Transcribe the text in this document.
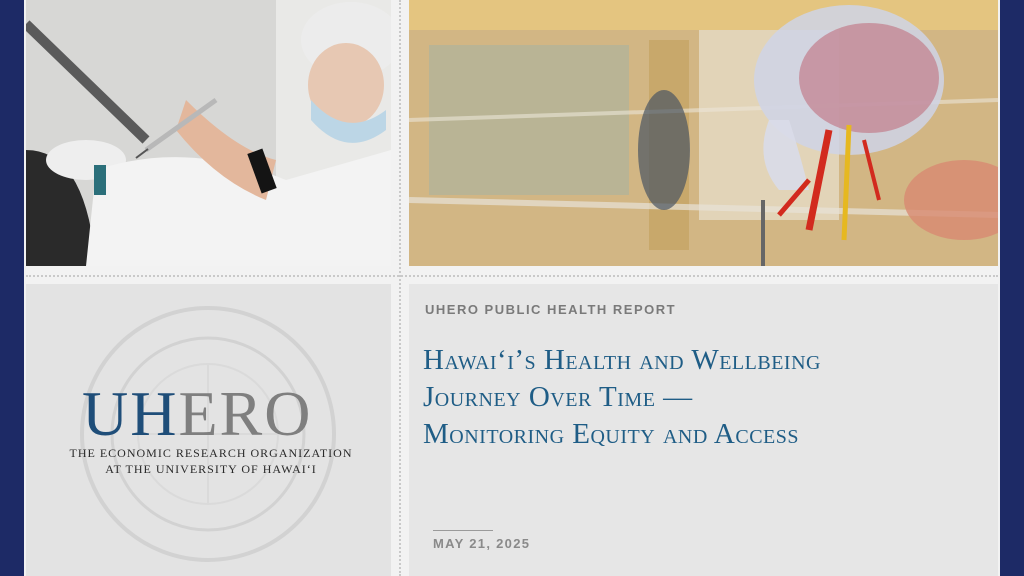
UHERO
THE ECONOMIC RESEARCH ORGANIZATION
AT THE UNIVERSITY OF HAWAI‘I
UHERO PUBLIC HEALTH REPORT
Hawai‘i’s Health and Wellbeing
Journey Over Time —
Monitoring Equity and Access
MAY 21, 2025
